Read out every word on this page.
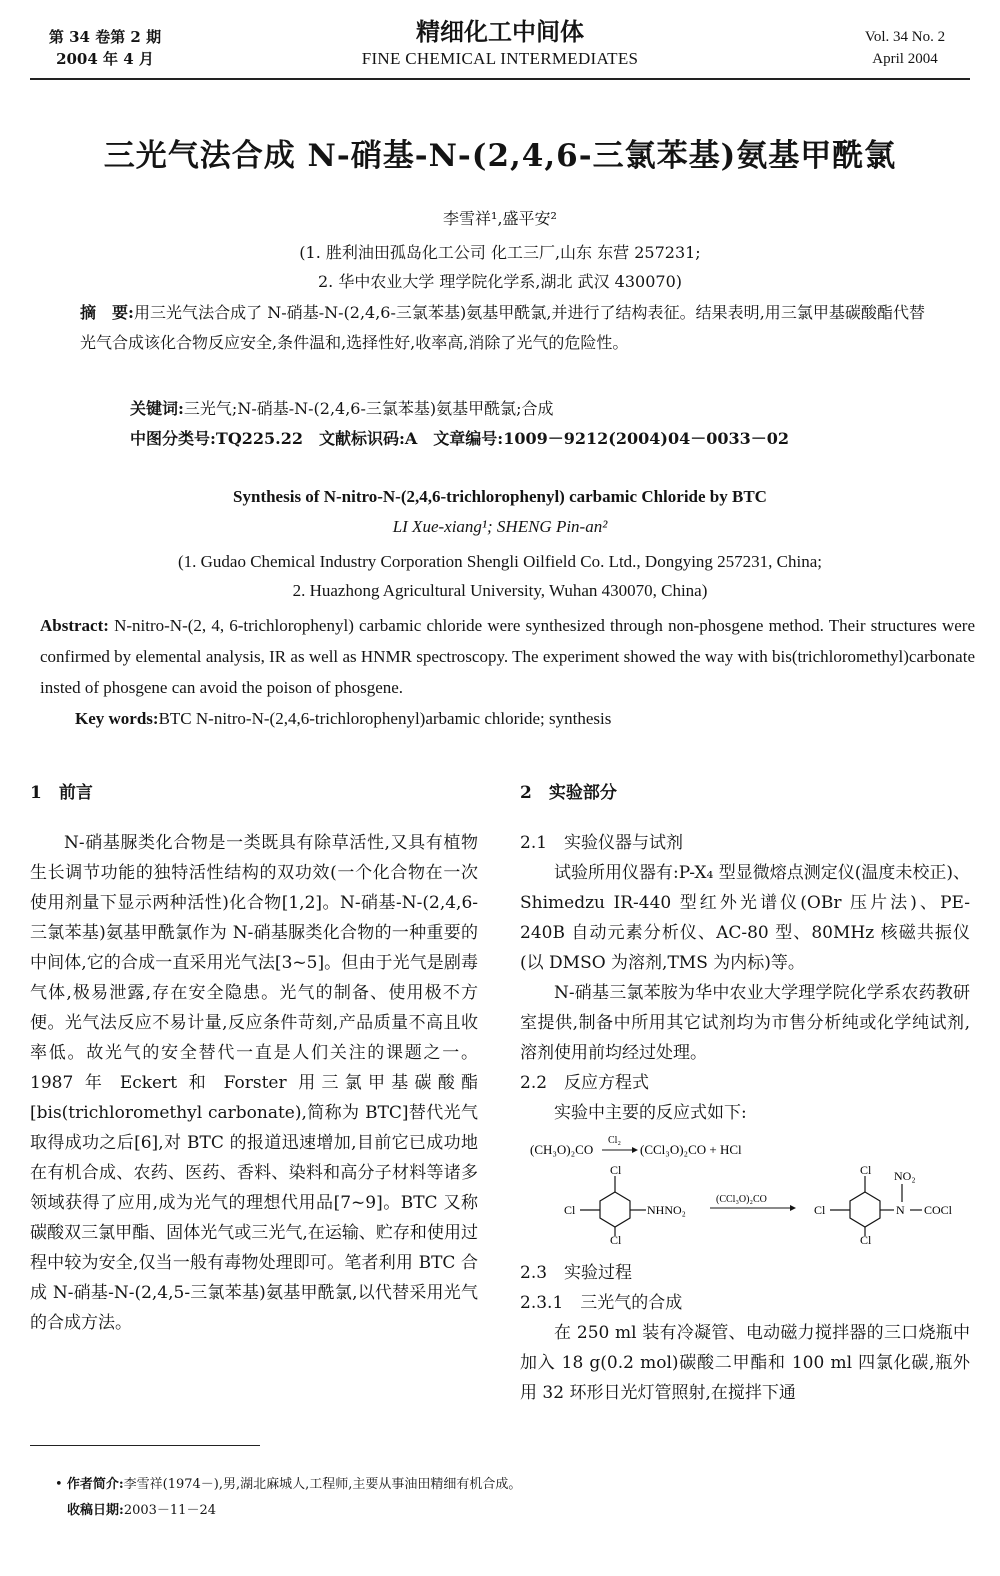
第 34 卷第 2 期
2004 年 4 月
精细化工中间体
FINE CHEMICAL INTERMEDIATES
Vol. 34 No. 2
April 2004
三光气法合成 N-硝基-N-(2,4,6-三氯苯基)氨基甲酰氯
李雪祥¹,盛平安²
(1. 胜利油田孤岛化工公司 化工三厂,山东 东营 257231;
2. 华中农业大学 理学院化学系,湖北 武汉 430070)
摘　要:用三光气法合成了 N-硝基-N-(2,4,6-三氯苯基)氨基甲酰氯,并进行了结构表征。结果表明,用三氯甲基碳酸酯代替光气合成该化合物反应安全,条件温和,选择性好,收率高,消除了光气的危险性。
关键词:三光气;N-硝基-N-(2,4,6-三氯苯基)氨基甲酰氯;合成
中图分类号:TQ225.22　文献标识码:A　文章编号:1009－9212(2004)04－0033－02
Synthesis of N-nitro-N-(2,4,6-trichlorophenyl) carbamic Chloride by BTC
LI Xue-xiang¹; SHENG Pin-an²
(1. Gudao Chemical Industry Corporation Shengli Oilfield Co. Ltd., Dongying 257231, China;
2. Huazhong Agricultural University, Wuhan 430070, China)
Abstract: N-nitro-N-(2, 4, 6-trichlorophenyl) carbamic chloride were synthesized through non-phosgene method. Their structures were confirmed by elemental analysis, IR as well as HNMR spectroscopy. The experiment showed the way with bis(trichloromethyl)carbonate insted of phosgene can avoid the poison of phosgene.
Key words:BTC N-nitro-N-(2,4,6-trichlorophenyl)arbamic chloride; synthesis
1　前言

N-硝基脲类化合物是一类既具有除草活性,又具有植物生长调节功能的独特活性结构的双功效(一个化合物在一次使用剂量下显示两种活性)化合物[1,2]。N-硝基-N-(2,4,6-三氯苯基)氨基甲酰氯作为 N-硝基脲类化合物的一种重要的中间体,它的合成一直采用光气法[3~5]。但由于光气是剧毒气体,极易泄露,存在安全隐患。光气的制备、使用极不方便。光气法反应不易计量,反应条件苛刻,产品质量不高且收率低。故光气的安全替代一直是人们关注的课题之一。1987 年 Eckert 和 Forster 用三氯甲基碳酸酯[bis(trichloromethyl carbonate),简称为 BTC]替代光气取得成功之后[6],对 BTC 的报道迅速增加,目前它已成功地在有机合成、农药、医药、香料、染料和高分子材料等诸多领域获得了应用,成为光气的理想代用品[7~9]。BTC 又称碳酸双三氯甲酯、固体光气或三光气,在运输、贮存和使用过程中较为安全,仅当一般有毒物处理即可。笔者利用 BTC 合成 N-硝基-N-(2,4,5-三氯苯基)氨基甲酰氯,以代替采用光气的合成方法。

2　实验部分
2.1　实验仪器与试剂

试验所用仪器有:P-X₄ 型显微熔点测定仪(温度未校正)、Shimedzu IR-440 型红外光谱仪(OBr 压片法)、PE-240B 自动元素分析仪、AC-80 型、80MHz 核磁共振仪(以 DMSO 为溶剂,TMS 为内标)等。

N-硝基三氯苯胺为华中农业大学理学院化学系农药教研室提供,制备中所用其它试剂均为市售分析纯或化学纯试剂,溶剂使用前均经过处理。

2.2　反应方程式

实验中主要的反应式如下:

(CH₃O)₂CO
Cl₂
(CCl₃O)₂CO + HCl
Cl
Cl
Cl	NHNO₂
(CCl₃O)₂CO
Cl
Cl
Cl	N
NO₂
COCl
2.3　实验过程
2.3.1　三光气的合成

在 250 ml 装有冷凝管、电动磁力搅拌器的三口烧瓶中加入 18 g(0.2 mol)碳酸二甲酯和 100 ml 四氯化碳,瓶外用 32 环形日光灯管照射,在搅拌下通

• 作者简介:李雪祥(1974－),男,湖北麻城人,工程师,主要从事油田精细有机合成。
收稿日期:2003－11－24
